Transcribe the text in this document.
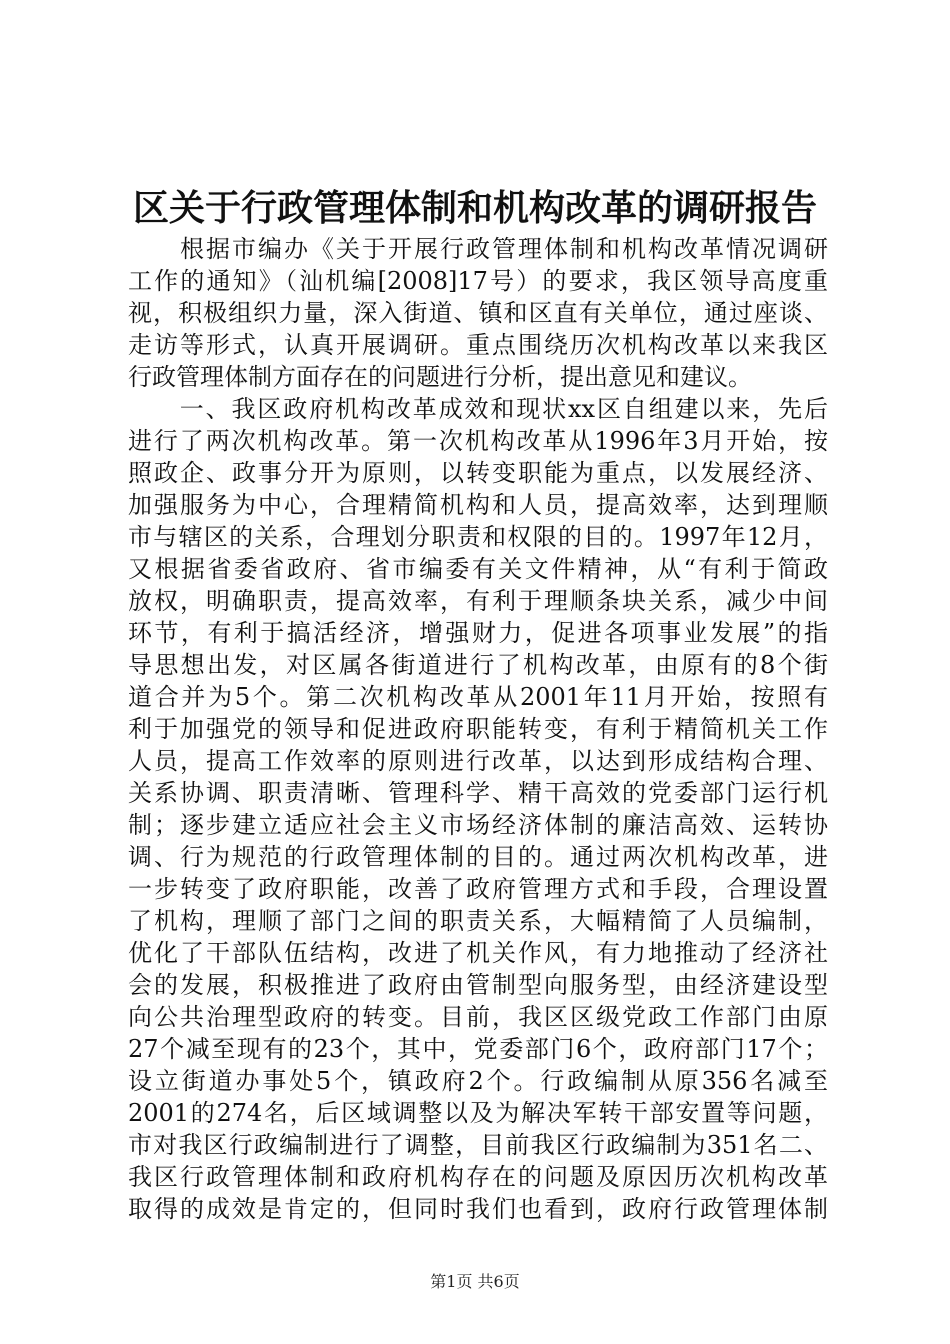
区关于行政管理体制和机构改革的调研报告
　　根据市编办《关于开展行政管理体制和机构改革情况调研
工作的通知》（汕机编[2008]17号）的要求，我区领导高度重
视，积极组织力量，深入街道、镇和区直有关单位，通过座谈、
走访等形式，认真开展调研。重点围绕历次机构改革以来我区
行政管理体制方面存在的问题进行分析，提出意见和建议。
　　一、我区政府机构改革成效和现状xx区自组建以来，先后
进行了两次机构改革。第一次机构改革从1996年3月开始，按
照政企、政事分开为原则，以转变职能为重点，以发展经济、
加强服务为中心，合理精简机构和人员，提高效率，达到理顺
市与辖区的关系，合理划分职责和权限的目的。1997年12月，
又根据省委省政府、省市编委有关文件精神，从“有利于简政
放权，明确职责，提高效率，有利于理顺条块关系，减少中间
环节，有利于搞活经济，增强财力，促进各项事业发展”的指
导思想出发，对区属各街道进行了机构改革，由原有的8个街
道合并为5个。第二次机构改革从2001年11月开始，按照有
利于加强党的领导和促进政府职能转变，有利于精简机关工作
人员，提高工作效率的原则进行改革，以达到形成结构合理、
关系协调、职责清晰、管理科学、精干高效的党委部门运行机
制；逐步建立适应社会主义市场经济体制的廉洁高效、运转协
调、行为规范的行政管理体制的目的。通过两次机构改革，进
一步转变了政府职能，改善了政府管理方式和手段，合理设置
了机构，理顺了部门之间的职责关系，大幅精简了人员编制，
优化了干部队伍结构，改进了机关作风，有力地推动了经济社
会的发展，积极推进了政府由管制型向服务型，由经济建设型
向公共治理型政府的转变。目前，我区区级党政工作部门由原
27个减至现有的23个，其中，党委部门6个，政府部门17个；
设立街道办事处5个，镇政府2个。行政编制从原356名减至
2001的274名，后区域调整以及为解决军转干部安置等问题，
市对我区行政编制进行了调整，目前我区行政编制为351名二、
我区行政管理体制和政府机构存在的问题及原因历次机构改革
取得的成效是肯定的，但同时我们也看到，政府行政管理体制
第1页 共6页
